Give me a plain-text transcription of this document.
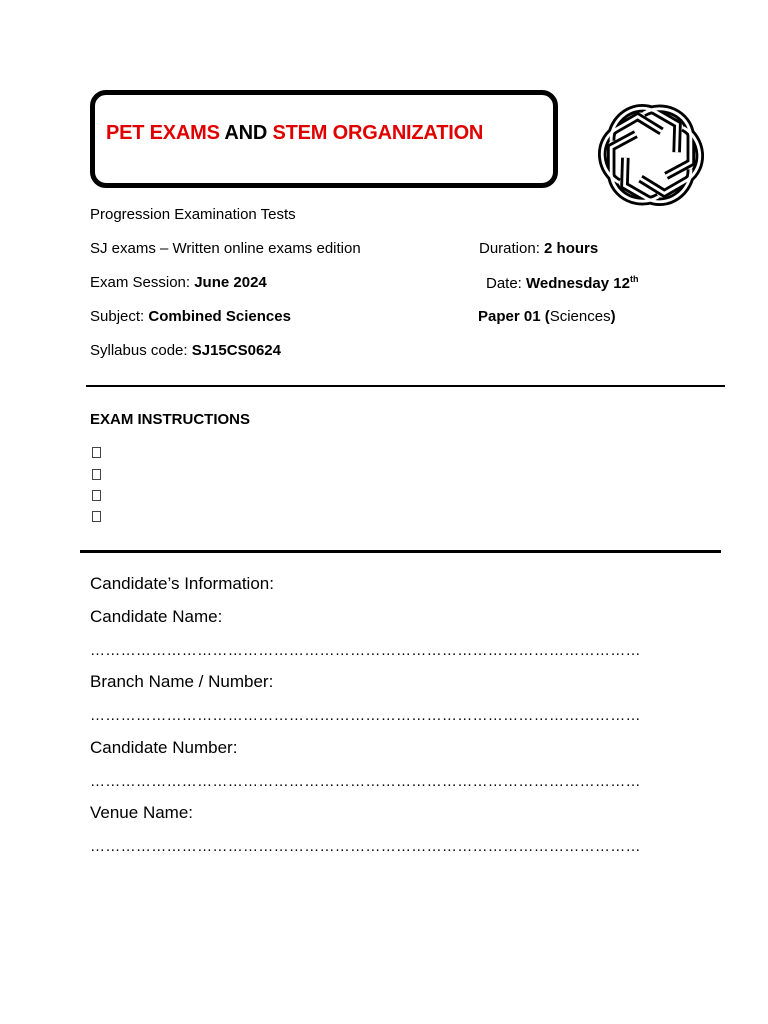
PET EXAMS AND STEM ORGANIZATION
Progression Examination Tests
SJ exams – Written online exams edition	Duration: 2 hours
Exam Session: June 2024	Date: Wednesday 12th
Subject: Combined Sciences	Paper 01 (Sciences)
Syllabus code: SJ15CS0624
EXAM INSTRUCTIONS
Candidate’s Information:
Candidate Name:
………………………………………………………………………………………………
Branch Name / Number:
………………………………………………………………………………………………
Candidate Number:
………………………………………………………………………………………………
Venue Name:
………………………………………………………………………………………………
